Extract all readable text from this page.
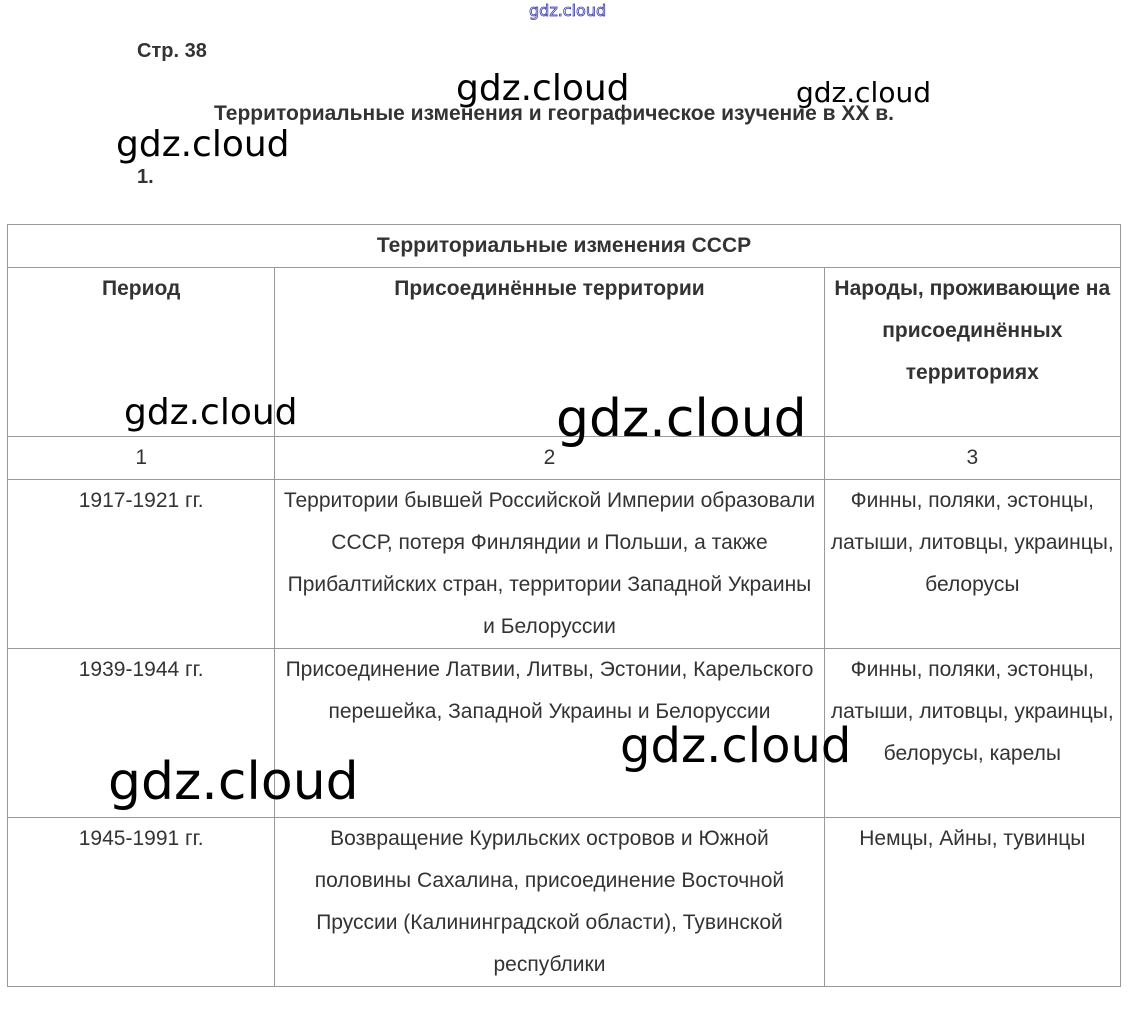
gdz.cloud
gdz.cloud	gdz.cloud
gdz.cloud
gdz.cloud	gdz.cloud
gdz.cloud
gdz.cloud
Стр. 38
Территориальные изменения и географическое изучение в XX в.
1.
Территориальные изменения СССР		
Период	Присоединённые территории	Народы, проживающие на присоединённых территориях
1	2	3
1917-1921 гг.	Территории бывшей Российской Империи образовали СССР, потеря Финляндии и Польши, а также Прибалтийских стран, территории Западной Украины и Белоруссии	Финны, поляки, эстонцы, латыши, литовцы, украинцы, белорусы
1939-1944 гг.	Присоединение Латвии, Литвы, Эстонии, Карельского перешейка, Западной Украины и Белоруссии	Финны, поляки, эстонцы, латыши, литовцы, украинцы, белорусы, карелы
1945-1991 гг.	Возвращение Курильских островов и Южной половины Сахалина, присоединение Восточной Пруссии (Калининградской области), Тувинской республики	Немцы, Айны, тувинцы
